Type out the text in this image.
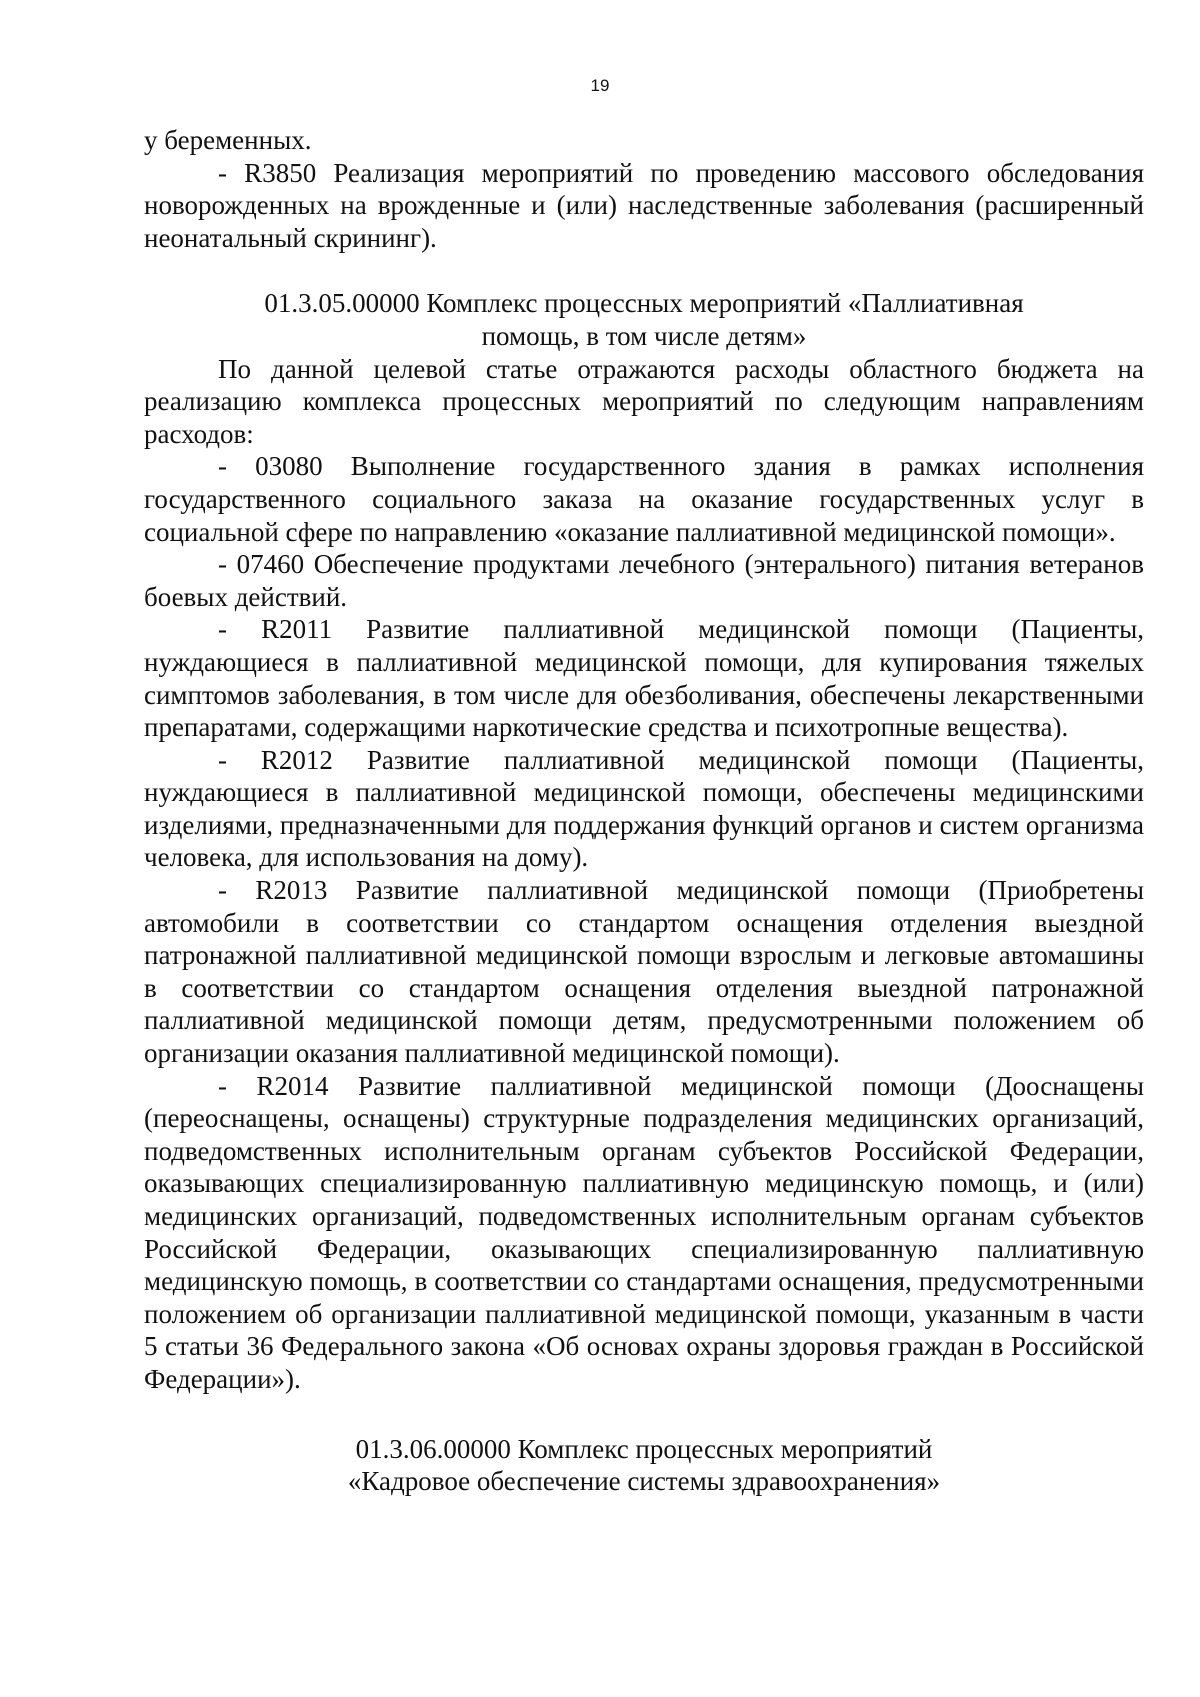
19

у беременных.

- R3850 Реализация мероприятий по проведению массового обследования новорожденных на врожденные и (или) наследственные заболевания (расширенный неонатальный скрининг).

01.3.05.00000 Комплекс процессных мероприятий «Паллиативная
помощь, в том числе детям»

По данной целевой статье отражаются расходы областного бюджета на реализацию комплекса процессных мероприятий по следующим направлениям расходов:

- 03080 Выполнение государственного здания в рамках исполнения государственного социального заказа на оказание государственных услуг в социальной сфере по направлению «оказание паллиативной медицинской помощи».

- 07460 Обеспечение продуктами лечебного (энтерального) питания ветеранов боевых действий.

- R2011 Развитие паллиативной медицинской помощи (Пациенты, нуждающиеся в паллиативной медицинской помощи, для купирования тяжелых симптомов заболевания, в том числе для обезболивания, обеспечены лекарственными препаратами, содержащими наркотические средства и психотропные вещества).

- R2012 Развитие паллиативной медицинской помощи (Пациенты, нуждающиеся в паллиативной медицинской помощи, обеспечены медицинскими изделиями, предназначенными для поддержания функций органов и систем организма человека, для использования на дому).

- R2013 Развитие паллиативной медицинской помощи (Приобретены автомобили в соответствии со стандартом оснащения отделения выездной патронажной паллиативной медицинской помощи взрослым и легковые автомашины в соответствии со стандартом оснащения отделения выездной патронажной паллиативной медицинской помощи детям, предусмотренными положением об организации оказания паллиативной медицинской помощи).

- R2014 Развитие паллиативной медицинской помощи (Дооснащены (переоснащены, оснащены) структурные подразделения медицинских организаций, подведомственных исполнительным органам субъектов Российской Федерации, оказывающих специализированную паллиативную медицинскую помощь, и (или) медицинских организаций, подведомственных исполнительным органам субъектов Российской Федерации, оказывающих специализированную паллиативную медицинскую помощь, в соответствии со стандартами оснащения, предусмотренными положением об организации паллиативной медицинской помощи, указанным в части 5 статьи 36 Федерального закона «Об основах охраны здоровья граждан в Российской Федерации»).

01.3.06.00000 Комплекс процессных мероприятий
«Кадровое обеспечение системы здравоохранения»
